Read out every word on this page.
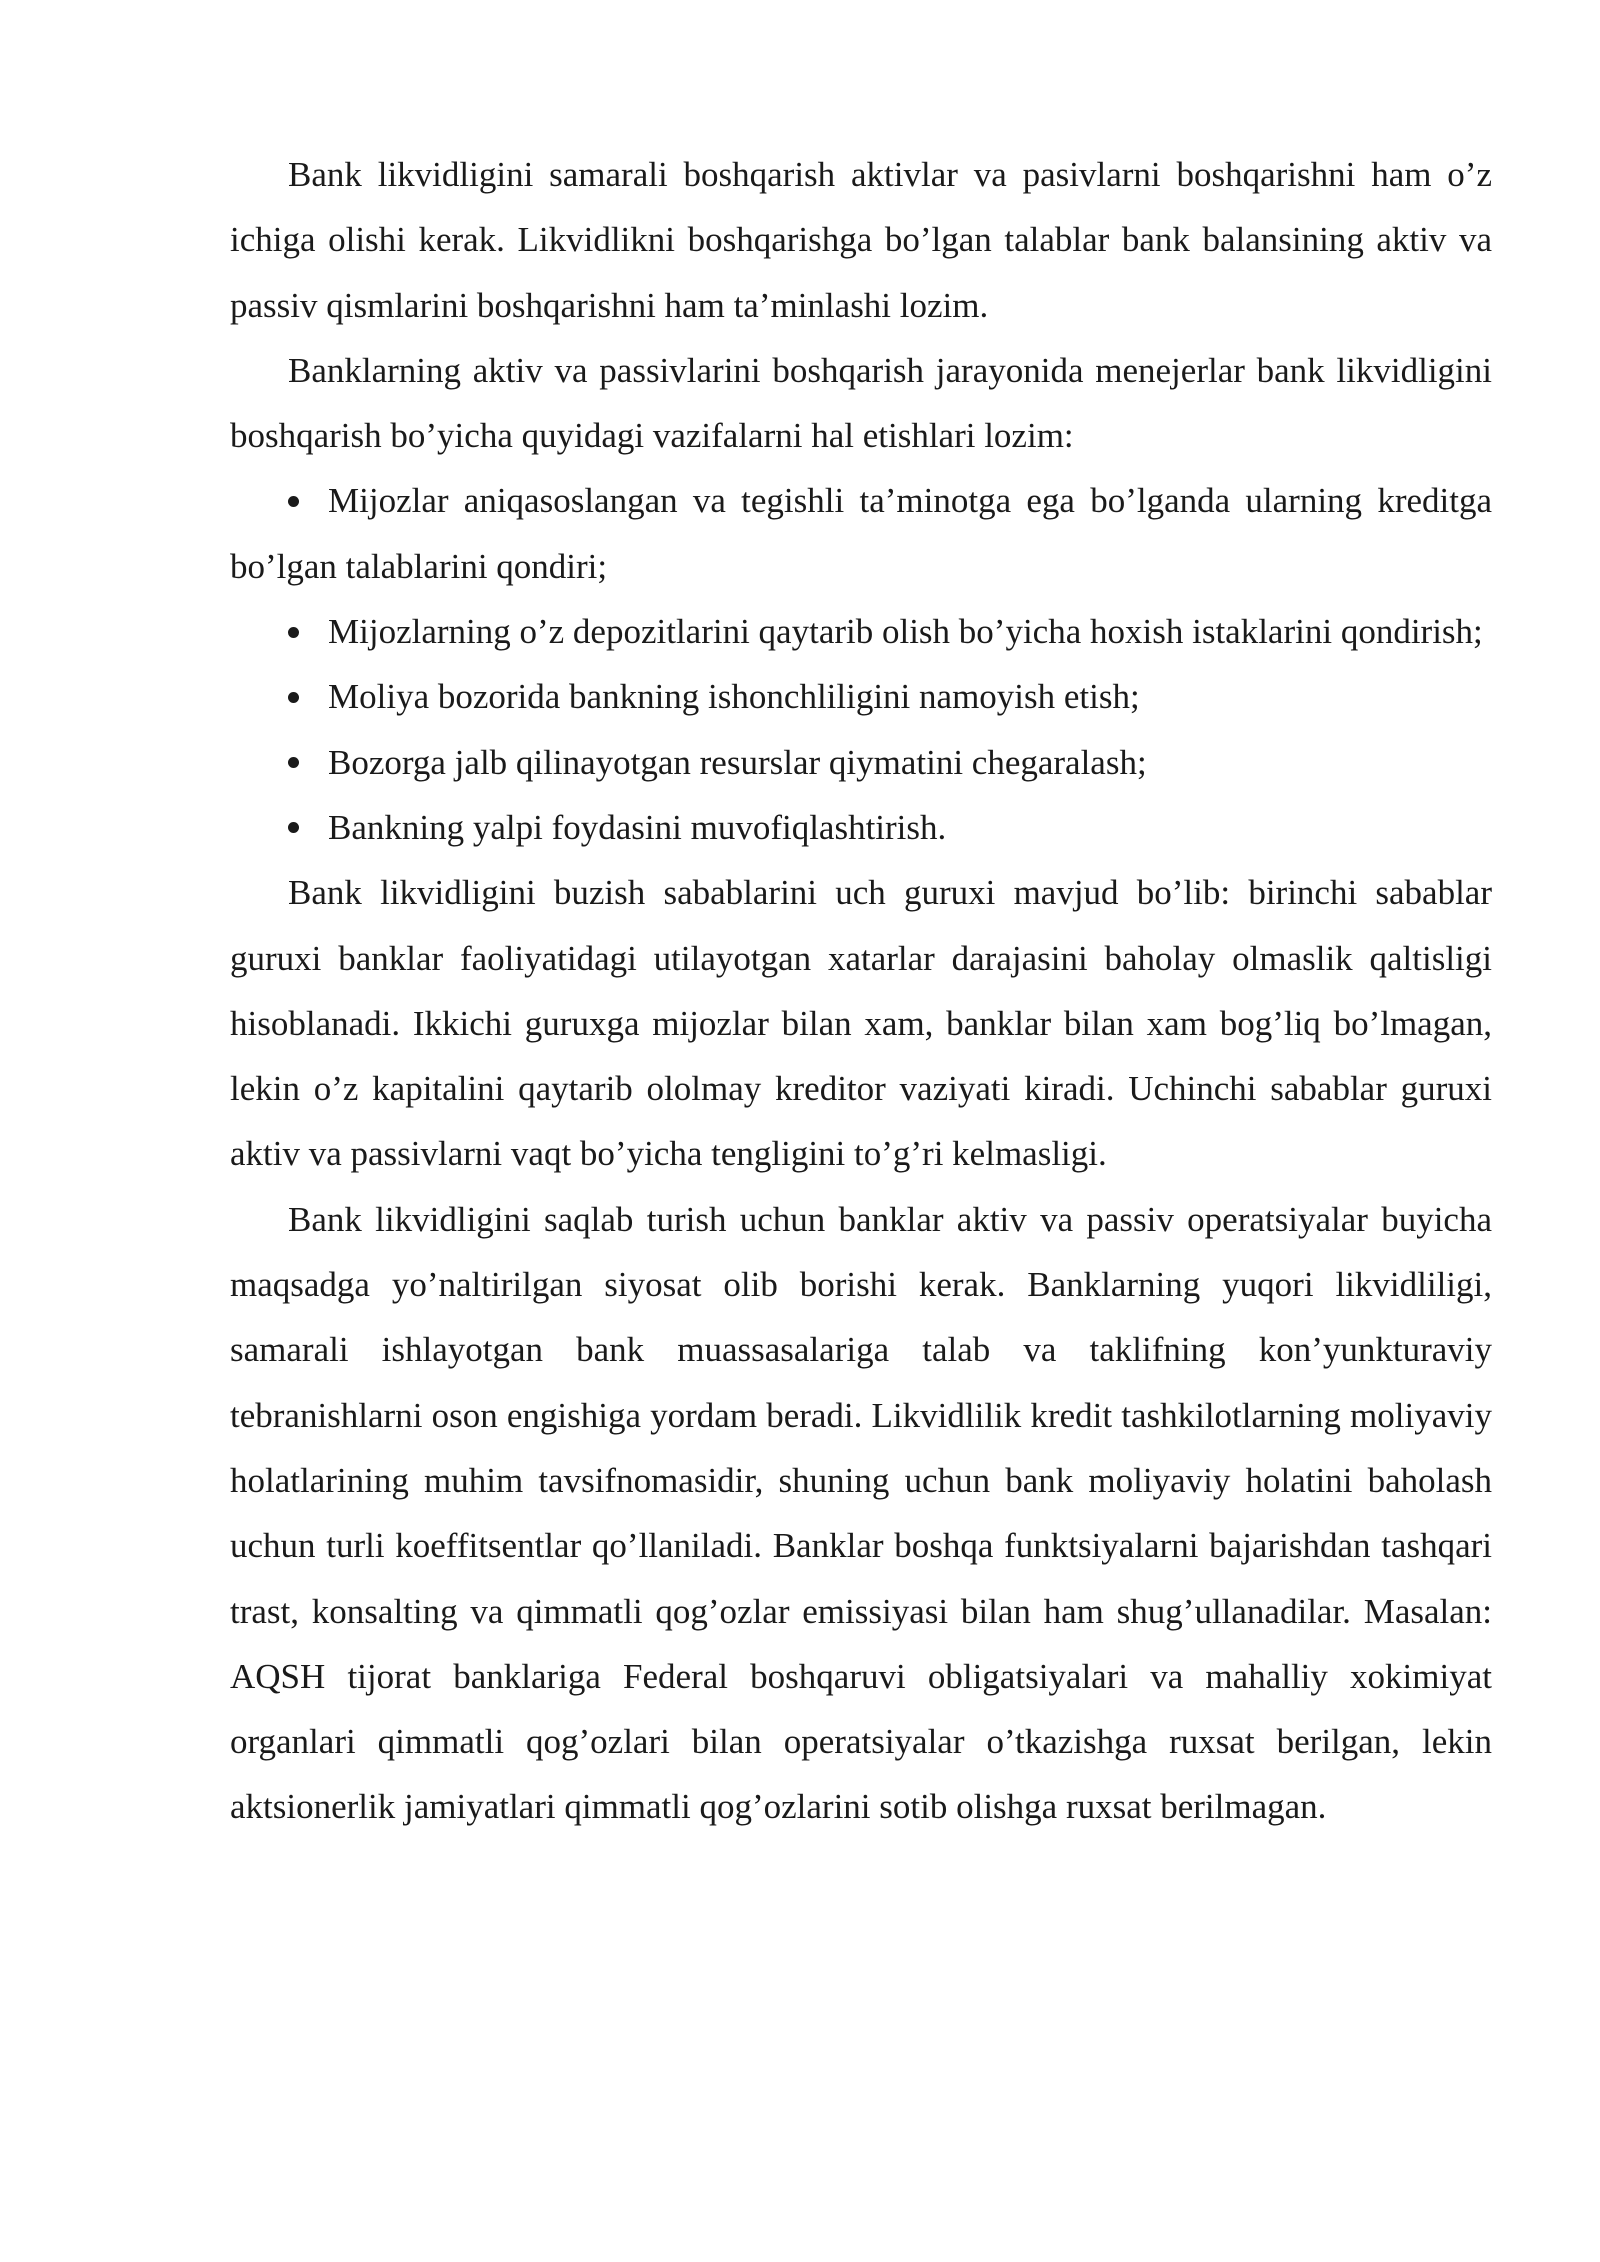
Bank likvidligini samarali boshqarish aktivlar va pasivlarni boshqarishni ham o’z ichiga olishi kerak. Likvidlikni boshqarishga bo’lgan talablar bank balansining aktiv va passiv qismlarini boshqarishni ham ta’minlashi lozim.

Banklarning aktiv va passivlarini boshqarish jarayonida menejerlar bank likvidligini boshqarish bo’yicha quyidagi vazifalarni hal etishlari lozim:

Mijozlar aniqasoslangan va tegishli ta’minotga ega bo’lganda ularning kreditga bo’lgan talablarini qondiri;

Mijozlarning o’z depozitlarini qaytarib olish bo’yicha hoxish istaklarini qondirish;

Moliya bozorida bankning ishonchliligini namoyish etish;

Bozorga jalb qilinayotgan resurslar qiymatini chegaralash;

Bankning yalpi foydasini muvofiqlashtirish.

Bank likvidligini buzish sabablarini uch guruxi mavjud bo’lib: birinchi sabablar guruxi banklar faoliyatidagi utilayotgan xatarlar darajasini baholay olmaslik qaltisligi hisoblanadi. Ikkichi guruxga mijozlar bilan xam, banklar bilan xam bog’liq bo’lmagan, lekin o’z kapitalini qaytarib ololmay kreditor vaziyati kiradi. Uchinchi sabablar guruxi aktiv va passivlarni vaqt bo’yicha tengligini to’g’ri kelmasligi.

Bank likvidligini saqlab turish uchun banklar aktiv va passiv operatsiyalar buyicha maqsadga yo’naltirilgan siyosat olib borishi kerak. Banklarning yuqori likvidliligi, samarali ishlayotgan bank muassasalariga talab va taklifning kon’yunkturaviy tebranishlarni oson engishiga yordam beradi. Likvidlilik kredit tashkilotlarning moliyaviy holatlarining muhim tavsifnomasidir, shuning uchun bank moliyaviy holatini baholash uchun turli koeffitsentlar qo’llaniladi. Banklar boshqa funktsiyalarni bajarishdan tashqari trast, konsalting va qimmatli qog’ozlar emissiyasi bilan ham shug’ullanadilar. Masalan: AQSH tijorat banklariga Federal boshqaruvi obligatsiyalari va mahalliy xokimiyat organlari qimmatli qog’ozlari bilan operatsiyalar o’tkazishga ruxsat berilgan, lekin aktsionerlik jamiyatlari qimmatli qog’ozlarini sotib olishga ruxsat berilmagan.
